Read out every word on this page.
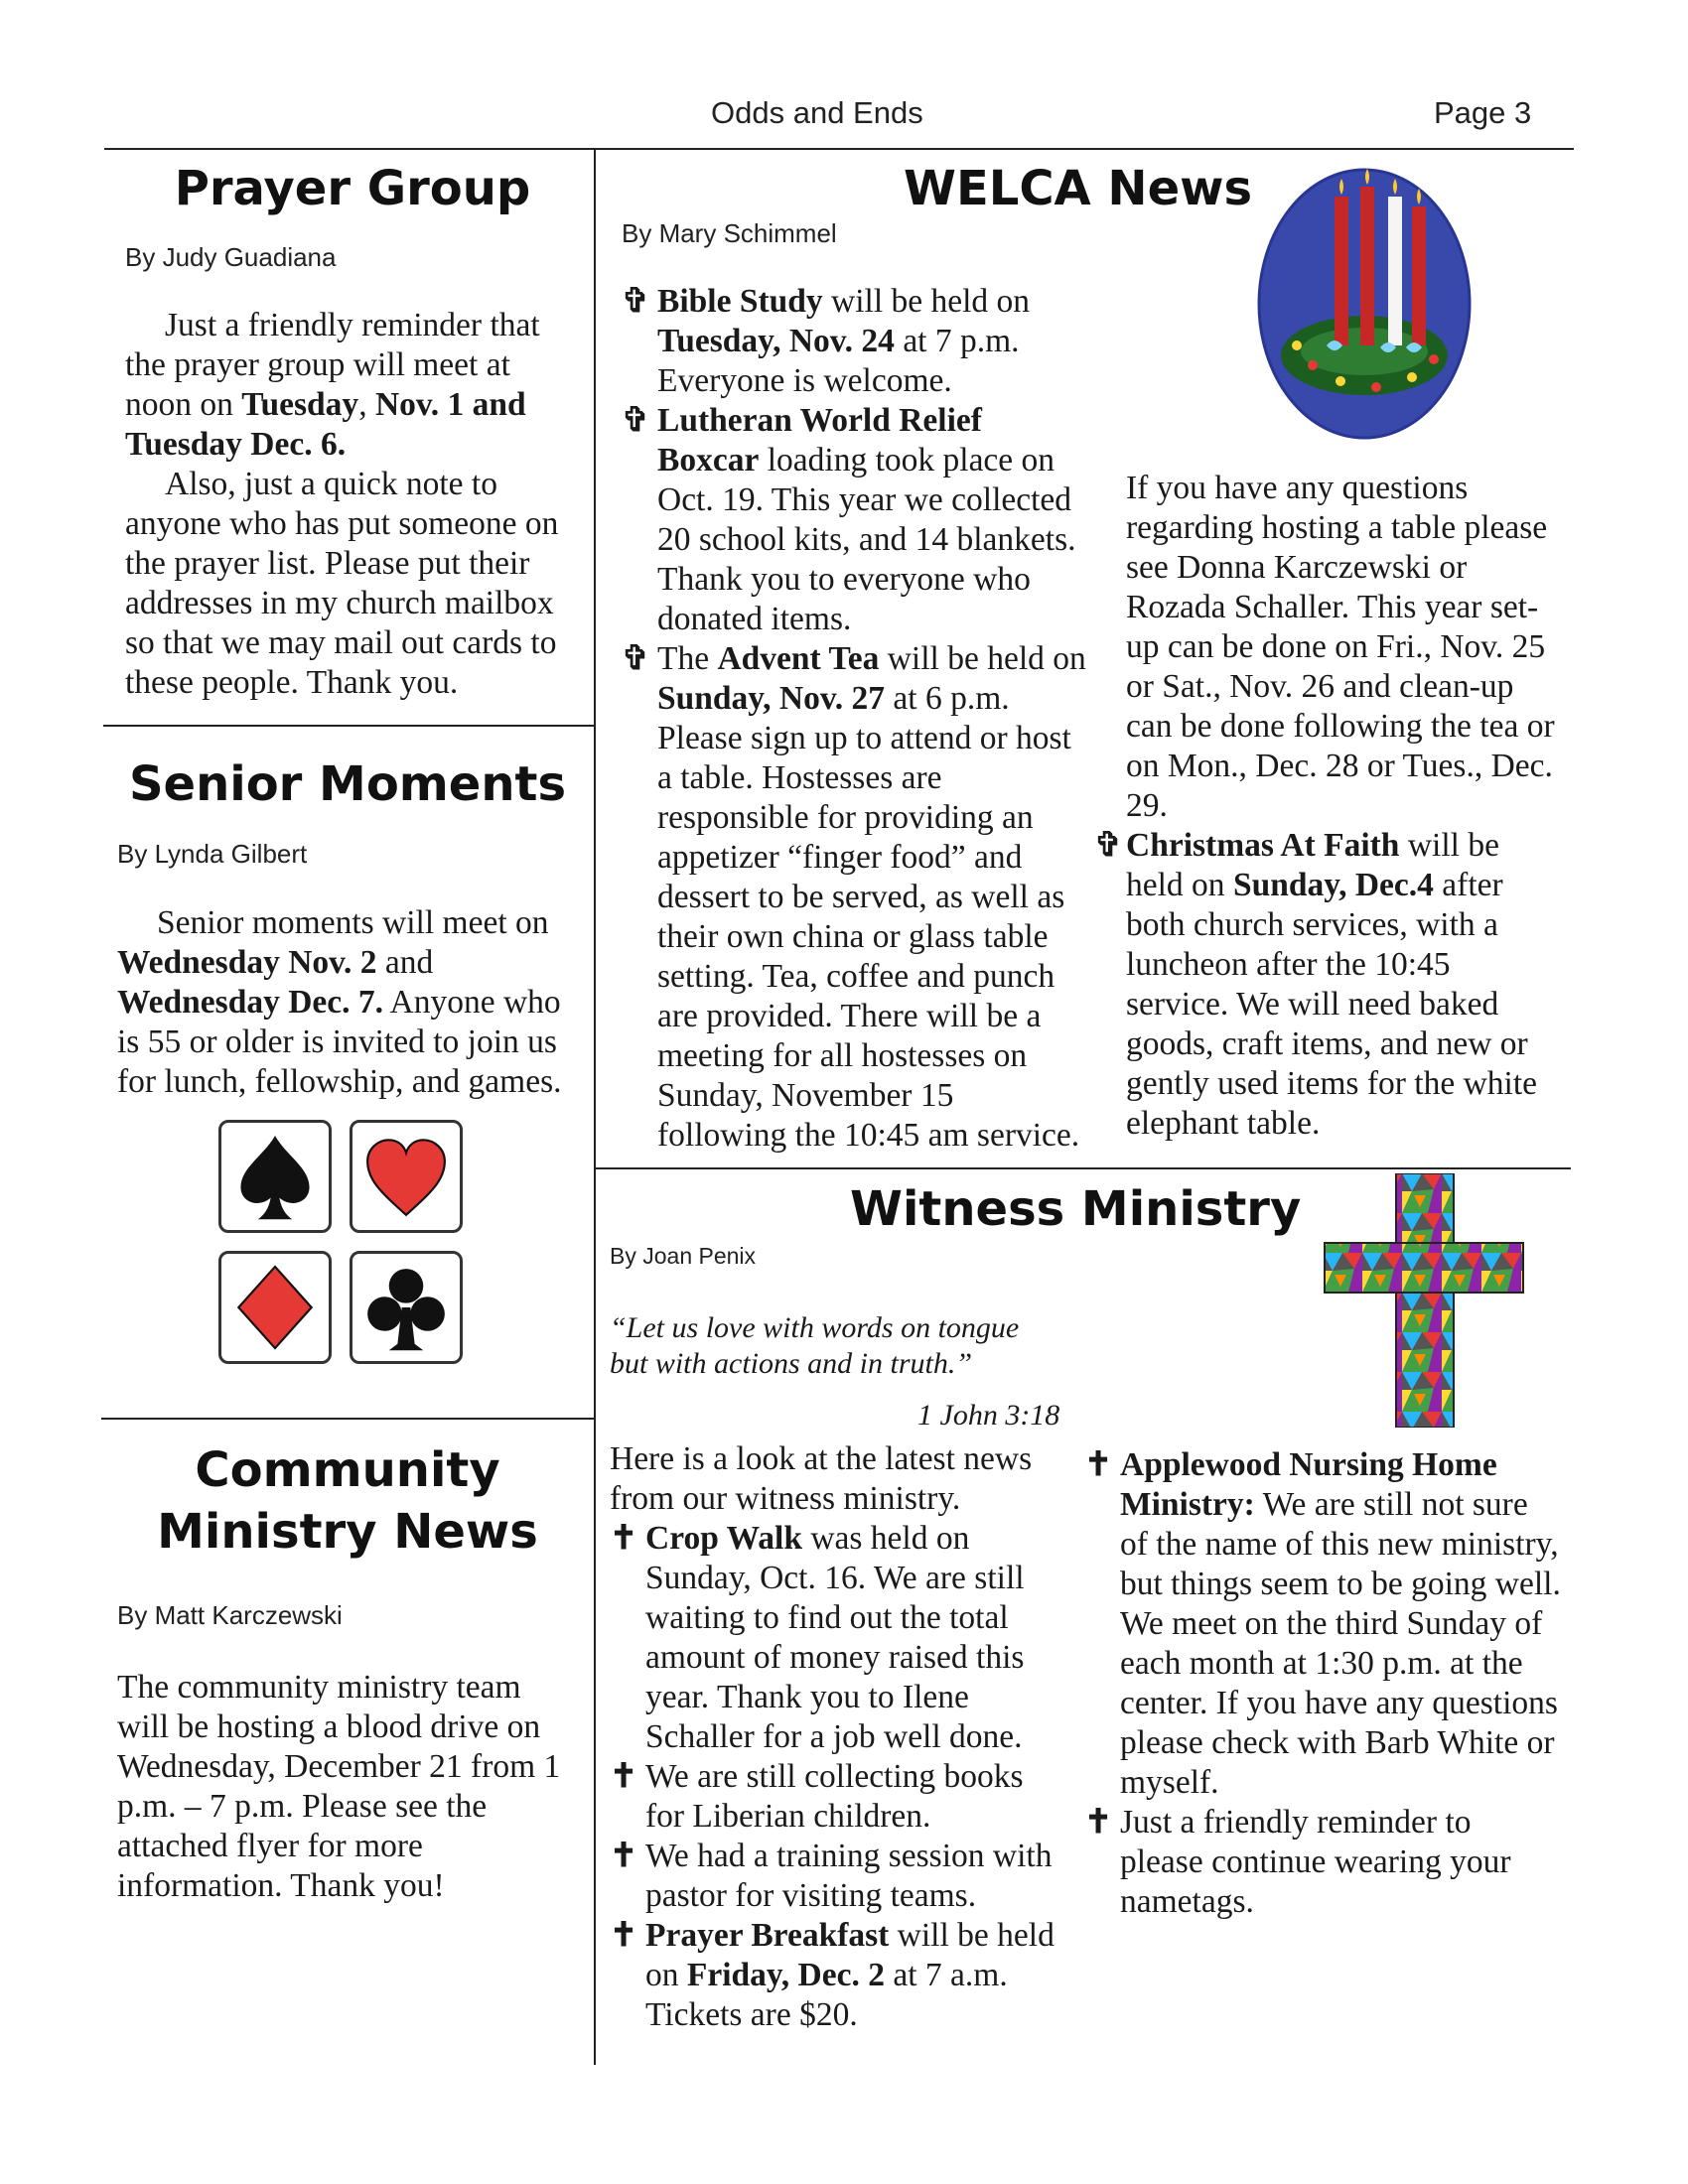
Odds and Ends	Page 3
Prayer Group
By Judy Guadiana

Just a friendly reminder that the prayer group will meet at noon on Tuesday, Nov. 1 and Tuesday Dec. 6.

Also, just a quick note to anyone who has put someone on the prayer list. Please put their addresses in my church mailbox so that we may mail out cards to these people. Thank you.

Senior Moments
By Lynda Gilbert

Senior moments will meet on Wednesday Nov. 2 and Wednesday Dec. 7. Anyone who is 55 or older is invited to join us for lunch, fellowship, and games.

Community
Ministry News
By Matt Karczewski
The community ministry team will be hosting a blood drive on Wednesday, December 21 from 1 p.m. – 7 p.m. Please see the attached flyer for more information. Thank you!
WELCA News
By Mary Schimmel
✞ Bible Study will be held on Tuesday, Nov. 24 at 7 p.m. Everyone is welcome.
✞ Lutheran World Relief Boxcar loading took place on Oct. 19. This year we collected 20 school kits, and 14 blankets. Thank you to everyone who donated items.
✞ The Advent Tea will be held on Sunday, Nov. 27 at 6 p.m. Please sign up to attend or host a table. Hostesses are responsible for providing an appetizer “finger food” and dessert to be served, as well as their own china or glass table setting. Tea, coffee and punch are provided. There will be a meeting for all hostesses on Sunday, November 15 following the 10:45 am service.

If you have any questions regarding hosting a table please see Donna Karczewski or Rozada Schaller. This year set-up can be done on Fri., Nov. 25 or Sat., Nov. 26 and clean-up can be done following the tea or on Mon., Dec. 28 or Tues., Dec. 29.

✞ Christmas At Faith will be held on Sunday, Dec.4 after both church services, with a luncheon after the 10:45 service. We will need baked goods, craft items, and new or gently used items for the white elephant table.
Witness Ministry
By Joan Penix
“Let us love with words on tongue but with actions and in truth.”
1 John 3:18

Here is a look at the latest news from our witness ministry.

✝ Crop Walk was held on Sunday, Oct. 16. We are still waiting to find out the total amount of money raised this year. Thank you to Ilene Schaller for a job well done.
✝ We are still collecting books for Liberian children.
✝ We had a training session with pastor for visiting teams.
✝ Prayer Breakfast will be held on Friday, Dec. 2 at 7 a.m. Tickets are $20.
✝ Applewood Nursing Home Ministry: We are still not sure of the name of this new ministry, but things seem to be going well. We meet on the third Sunday of each month at 1:30 p.m. at the center. If you have any questions please check with Barb White or myself.
✝ Just a friendly reminder to please continue wearing your nametags.
